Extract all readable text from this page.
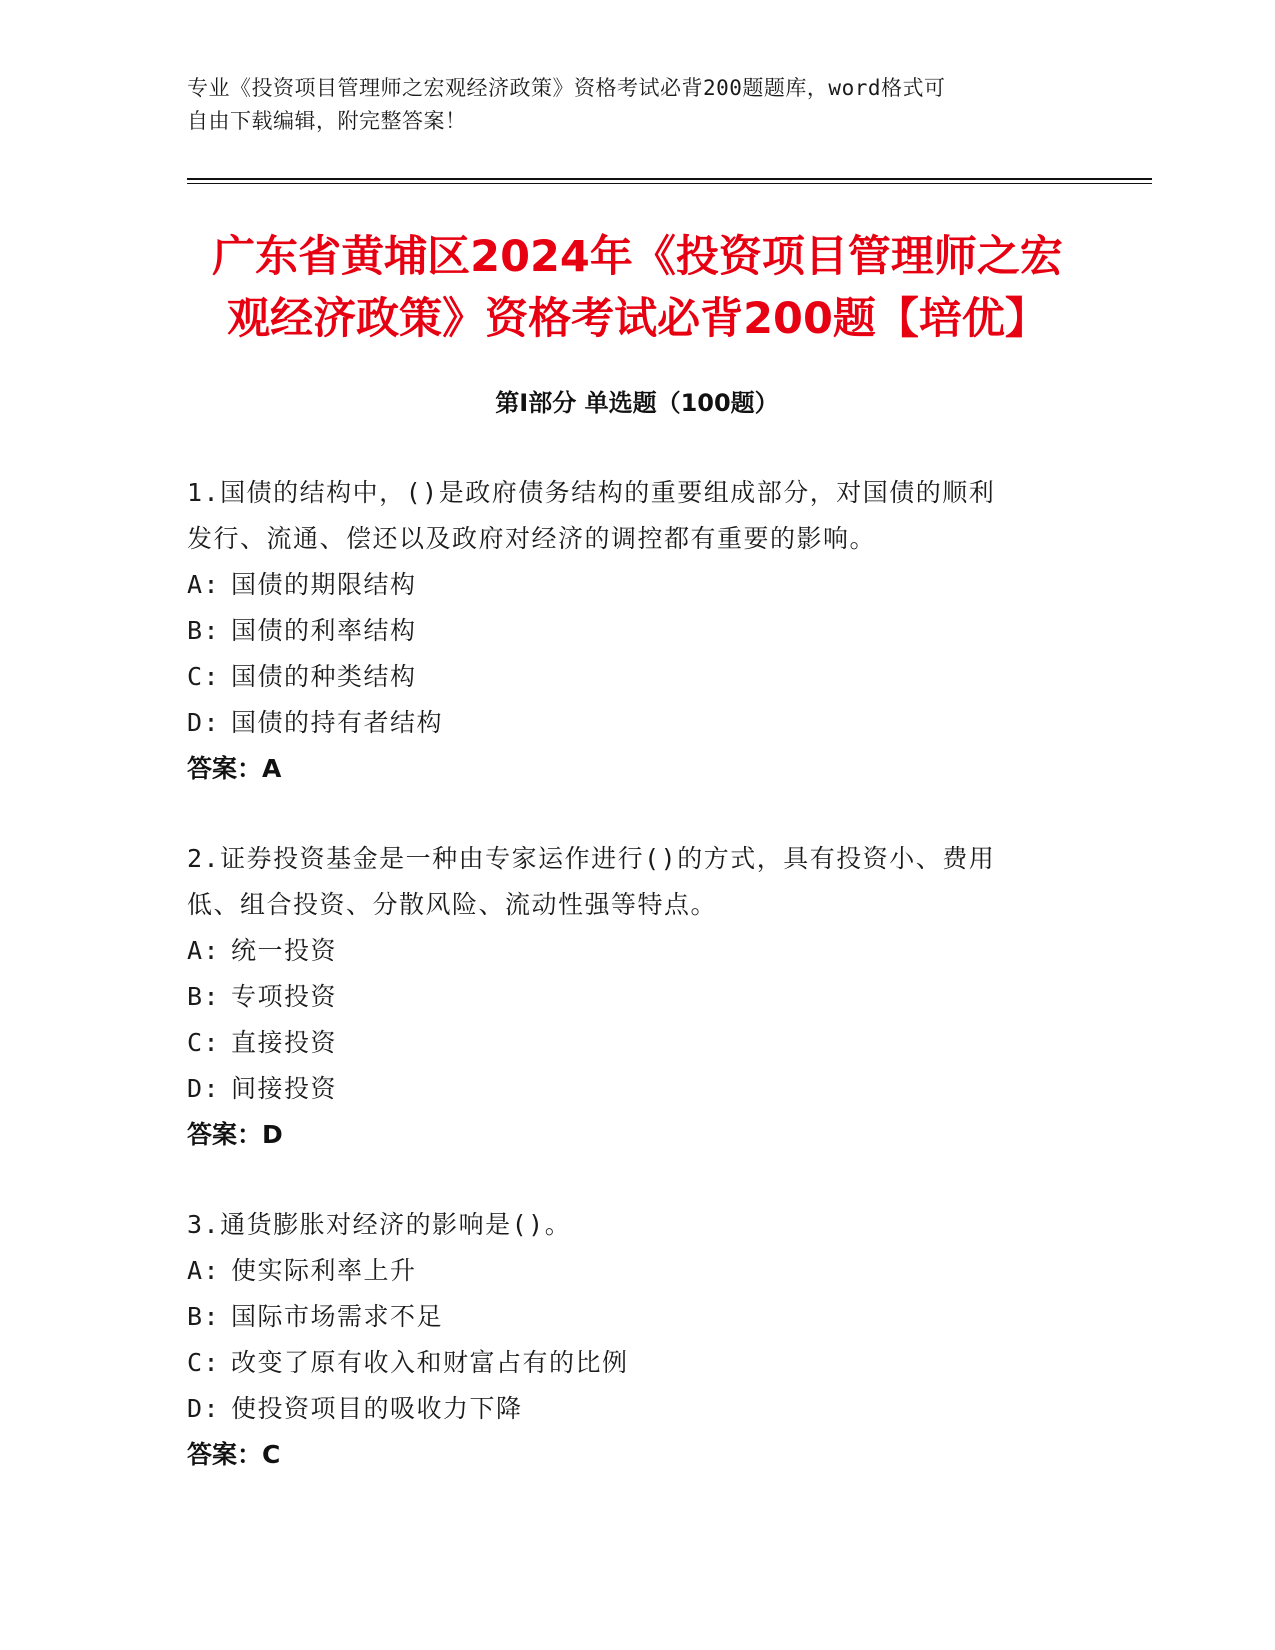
专业《投资项目管理师之宏观经济政策》资格考试必背200题题库，word格式可
自由下载编辑，附完整答案！
广东省黄埔区2024年《投资项目管理师之宏
观经济政策》资格考试必背200题【培优】
第Ⅰ部分 单选题（100题）

1.国债的结构中，()是政府债务结构的重要组成部分，对国债的顺利

发行、流通、偿还以及政府对经济的调控都有重要的影响。

A: 国债的期限结构

B: 国债的利率结构

C: 国债的种类结构

D: 国债的持有者结构

答案：A

2.证券投资基金是一种由专家运作进行()的方式，具有投资小、费用

低、组合投资、分散风险、流动性强等特点。

A: 统一投资

B: 专项投资

C: 直接投资

D: 间接投资

答案：D

3.通货膨胀对经济的影响是()。

A: 使实际利率上升

B: 国际市场需求不足

C: 改变了原有收入和财富占有的比例

D: 使投资项目的吸收力下降

答案：C
